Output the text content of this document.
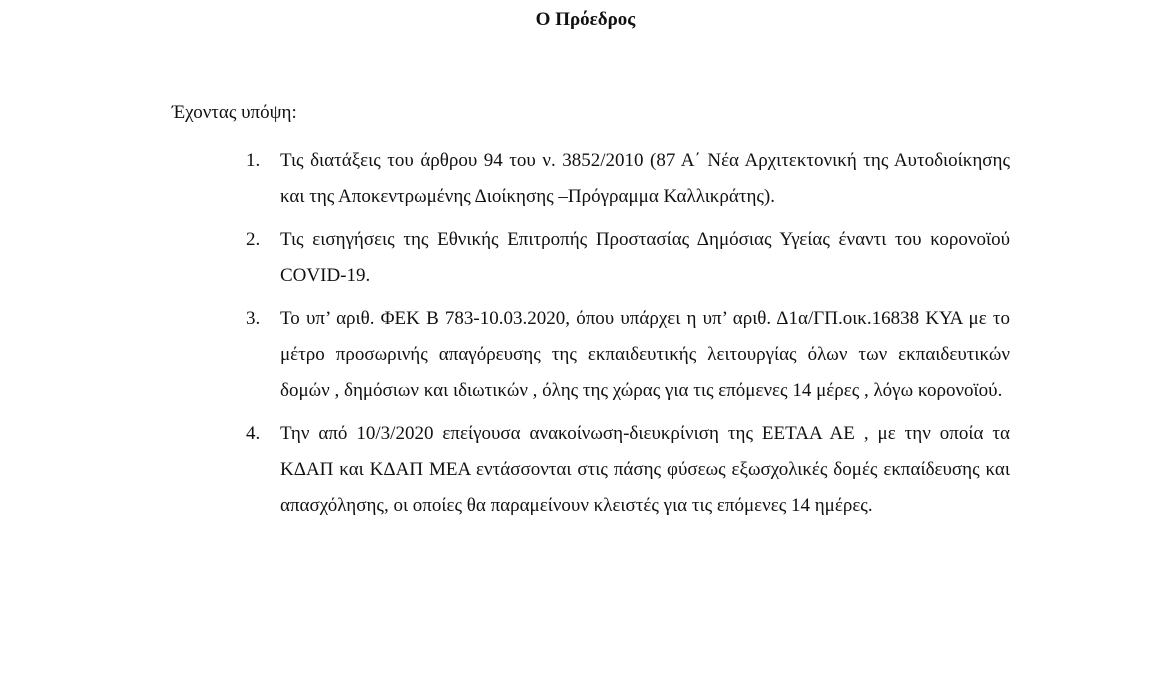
Ο Πρόεδρος
Έχοντας υπόψη:
1. Τις διατάξεις του άρθρου 94 του ν. 3852/2010 (87 Α΄ Νέα Αρχιτεκτονική της Αυτοδιοίκησης και της Αποκεντρωμένης Διοίκησης –Πρόγραμμα Καλλικράτης).
2. Τις εισηγήσεις της Εθνικής Επιτροπής Προστασίας Δημόσιας Υγείας έναντι του κορονοϊού COVID-19.
3. Το υπ’ αριθ. ΦΕΚ Β 783-10.03.2020, όπου υπάρχει η υπ’ αριθ. Δ1α/ΓΠ.οικ.16838 ΚΥΑ με το μέτρο προσωρινής απαγόρευσης της εκπαιδευτικής λειτουργίας όλων των εκπαιδευτικών δομών , δημόσιων και ιδιωτικών , όλης της χώρας για τις επόμενες 14 μέρες , λόγω κορονοϊού.
4. Την από 10/3/2020 επείγουσα ανακοίνωση-διευκρίνιση της ΕΕΤΑΑ ΑΕ , με την οποία τα ΚΔΑΠ και ΚΔΑΠ ΜΕΑ εντάσσονται στις πάσης φύσεως εξωσχολικές δομές εκπαίδευσης και απασχόλησης, οι οποίες θα παραμείνουν κλειστές για τις επόμενες 14 ημέρες.
